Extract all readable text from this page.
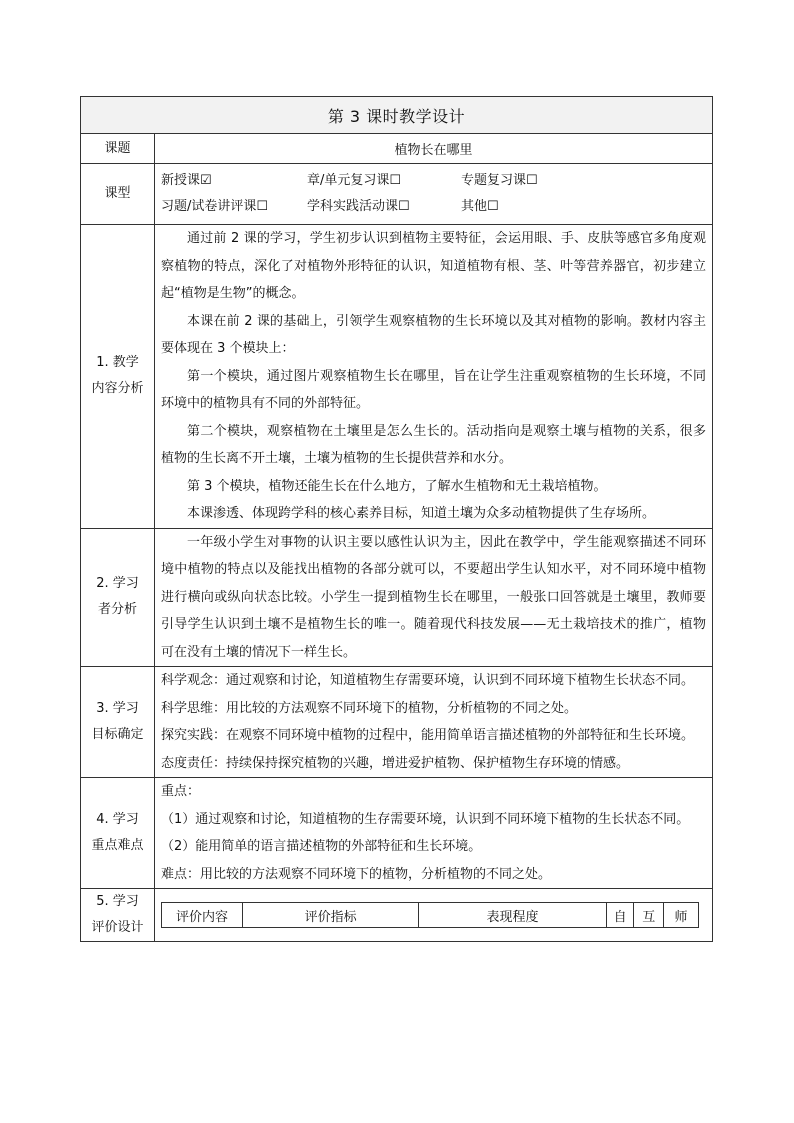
第 3 课时教学设计
课题	植物长在哪里
课型	
新授课☑	章/单元复习课☐	专题复习课☐
习题/试卷讲评课☐	学科实践活动课☐	其他☐

1. 教学
内容分析

通过前 2 课的学习，学生初步认识到植物主要特征，会运用眼、手、皮肤等感官多角度观察植物的特点，深化了对植物外形特征的认识，知道植物有根、茎、叶等营养器官，初步建立起“植物是生物”的概念。

本课在前 2 课的基础上，引领学生观察植物的生长环境以及其对植物的影响。教材内容主要体现在 3 个模块上：

第一个模块，通过图片观察植物生长在哪里，旨在让学生注重观察植物的生长环境，不同环境中的植物具有不同的外部特征。

第二个模块，观察植物在土壤里是怎么生长的。活动指向是观察土壤与植物的关系，很多植物的生长离不开土壤，土壤为植物的生长提供营养和水分。

第 3 个模块，植物还能生长在什么地方，了解水生植物和无土栽培植物。

本课渗透、体现跨学科的核心素养目标，知道土壤为众多动植物提供了生存场所。

2. 学习
者分析

一年级小学生对事物的认识主要以感性认识为主，因此在教学中，学生能观察描述不同环境中植物的特点以及能找出植物的各部分就可以，不要超出学生认知水平，对不同环境中植物进行横向或纵向状态比较。小学生一提到植物生长在哪里，一般张口回答就是土壤里，教师要引导学生认识到土壤不是植物生长的唯一。随着现代科技发展——无土栽培技术的推广，植物可在没有土壤的情况下一样生长。

3. 学习
目标确定

科学观念：通过观察和讨论，知道植物生存需要环境，认识到不同环境下植物生长状态不同。

科学思维：用比较的方法观察不同环境下的植物，分析植物的不同之处。

探究实践：在观察不同环境中植物的过程中，能用简单语言描述植物的外部特征和生长环境。

态度责任：持续保持探究植物的兴趣，增进爱护植物、保护植物生存环境的情感。

4. 学习
重点难点

重点：

（1）通过观察和讨论，知道植物的生存需要环境，认识到不同环境下植物的生长状态不同。

（2）能用简单的语言描述植物的外部特征和生长环境。

难点：用比较的方法观察不同环境下的植物，分析植物的不同之处。

5. 学习
评价设计

评价内容	评价指标	表现程度	自	互	师
